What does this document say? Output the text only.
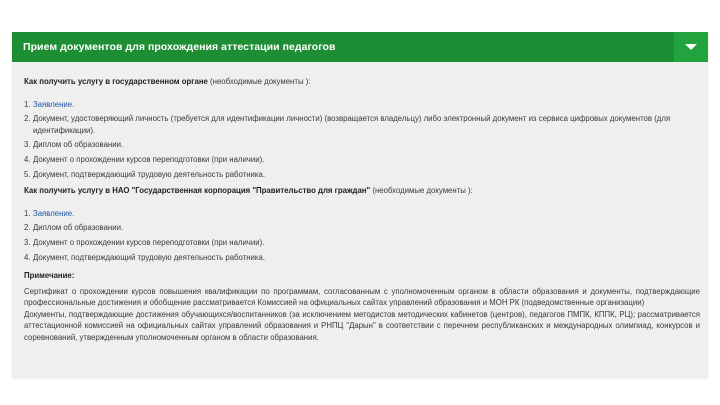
Прием документов для прохождения аттестации педагогов
Как получить услугу в государственном органе (необходимые документы ):
1. Заявление.
2. Документ, удостоверяющий личность (требуется для идентификации личности) (возвращается владельцу) либо электронный документ из сервиса цифровых документов (для идентификации).
3. Диплом об образовании.
4. Документ о прохождении курсов переподготовки (при наличии).
5. Документ, подтверждающий трудовую деятельность работника.
Как получить услугу в НАО "Государственная корпорация "Правительство для граждан" (необходимые документы ):
1. Заявление.
2. Диплом об образовании.
3. Документ о прохождении курсов переподготовки (при наличии).
4. Документ, подтверждающий трудовую деятельность работника.
Примечание:

Сертификат о прохождении курсов повышения квалификации по программам, согласованным с уполномоченным органом в области образования и документы, подтверждающие профессиональные достижения и обобщение рассматривается Комиссией на официальных сайтах управлений образования и МОН РК (подведомственные организации)

Документы, подтверждающие достижения обучающихся/воспитанников (за исключением методистов методических кабинетов (центров), педагогов ПМПК, КППК, РЦ); рассматривается аттестационной комиссией на официальных сайтах управлений образования и РНПЦ "Дарын" в соответствии с перечнем республиканских и международных олимпиад, конкурсов и соревнований, утвержденным уполномоченным органом в области образования.
